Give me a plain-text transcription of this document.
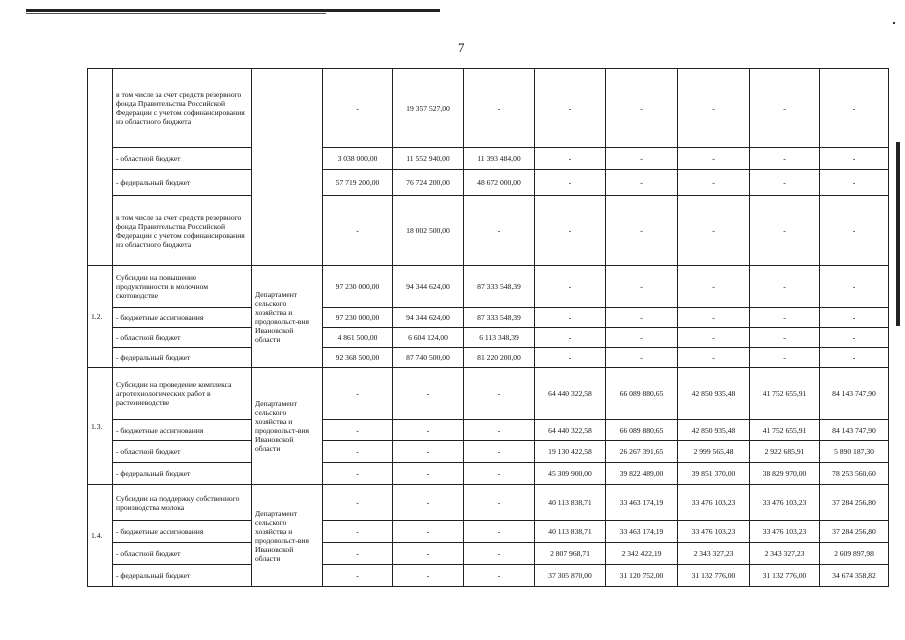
7
	в том числе за счет средств резервного фонда Правительства Российской Федерации с учетом софинансирования из областного бюджета		-	19 357 527,00	-	-	-	-	-	-
	- областной бюджет		3 038 000,00	11 552 940,00	11 393 484,00	-	-	-	-	-
	- федеральный бюджет		57 719 200,00	76 724 200,00	48 672 000,00	-	-	-	-	-
	в том числе за счет средств резервного фонда Правительства Российской Федерации с учетом софинансирования из областного бюджета		-	18 002 500,00	-	-	-	-	-	-
1.2.	Субсидии на повышение продуктивности в молочном скотоводстве	Департамент сельского хозяйства и продовольст-вия Ивановской области	97 230 000,00	94 344 624,00	87 333 548,39	-	-	-	-	-
	- бюджетные ассигнования		97 230 000,00	94 344 624,00	87 333 548,39	-	-	-	-	-
	- областной бюджет		4 861 500,00	6 604 124,00	6 113 348,39	-	-	-	-	-
	- федеральный бюджет		92 368 500,00	87 740 500,00	81 220 200,00	-	-	-	-	-
1.3.	Субсидии на проведение комплекса агротехнологических работ в растениеводстве	Департамент сельского хозяйства и продовольст-вия Ивановской области	-	-	-	64 440 322,58	66 089 880,65	42 850 935,48	41 752 655,91	84 143 747,90
	- бюджетные ассигнования		-	-	-	64 440 322,58	66 089 880,65	42 850 935,48	41 752 655,91	84 143 747,90
	- областной бюджет		-	-	-	19 130 422,58	26 267 391,65	2 999 565,48	2 922 685,91	5 890 187,30
	- федеральный бюджет		-	-	-	45 309 900,00	39 822 489,00	39 851 370,00	38 829 970,00	78 253 560,60
1.4.	Субсидии на поддержку собственного производства молока	Департамент сельского хозяйства и продовольст-вия Ивановской области	-	-	-	40 113 838,71	33 463 174,19	33 476 103,23	33 476 103,23	37 284 256,80
	- бюджетные ассигнования		-	-	-	40 113 838,71	33 463 174,19	33 476 103,23	33 476 103,23	37 284 256,80
	- областной бюджет		-	-	-	2 807 968,71	2 342 422,19	2 343 327,23	2 343 327,23	2 609 897,98
	- федеральный бюджет		-	-	-	37 305 870,00	31 120 752,00	31 132 776,00	31 132 776,00	34 674 358,82
